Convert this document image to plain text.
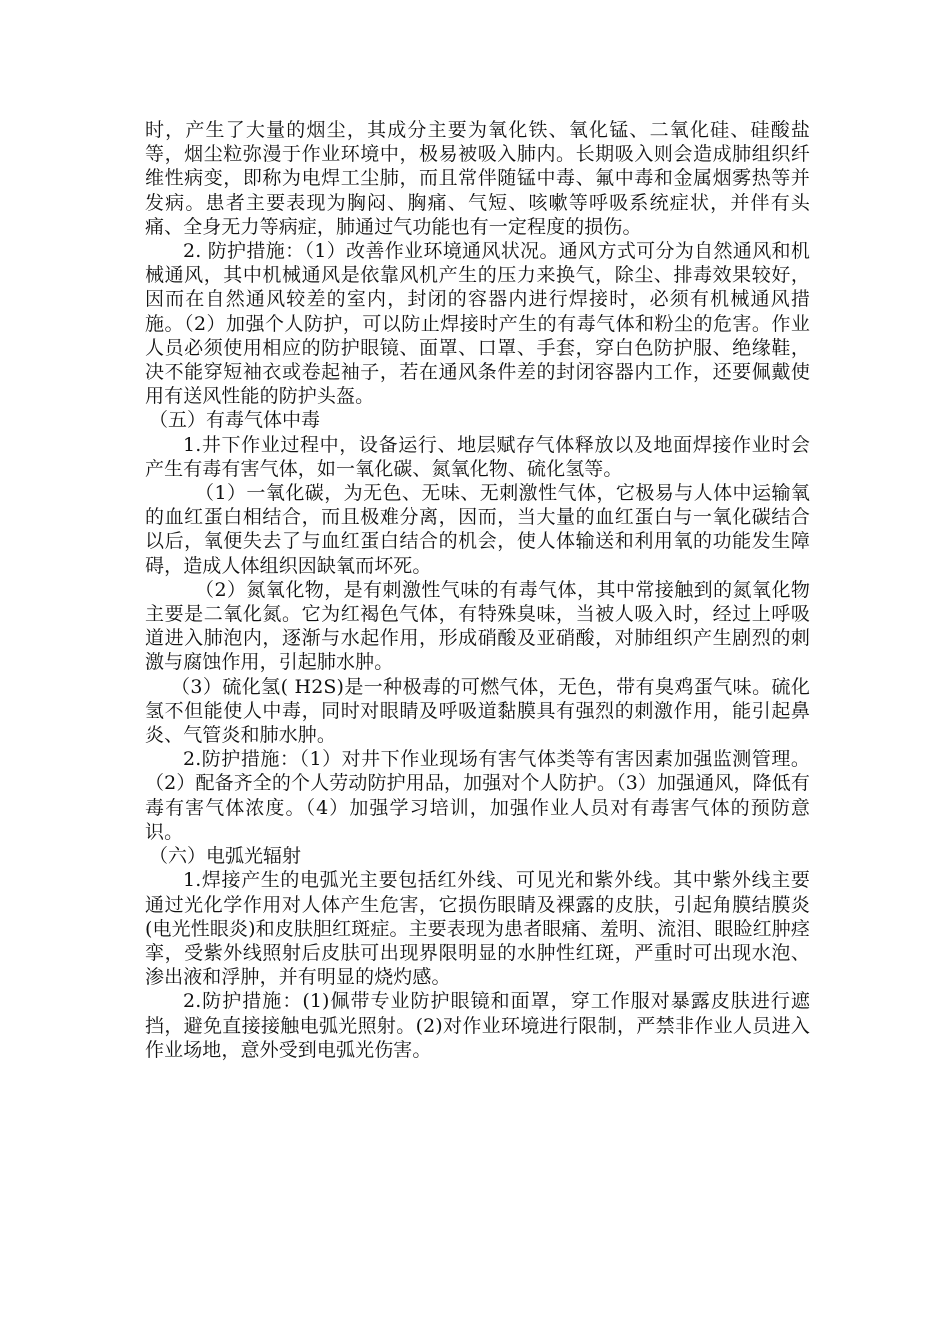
时，产生了大量的烟尘，其成分主要为氧化铁、氧化锰、二氧化硅、硅酸盐等，烟尘粒弥漫于作业环境中，极易被吸入肺内。长期吸入则会造成肺组织纤维性病变，即称为电焊工尘肺，而且常伴随锰中毒、氟中毒和金属烟雾热等并发病。患者主要表现为胸闷、胸痛、气短、咳嗽等呼吸系统症状，并伴有头痛、全身无力等病症，肺通过气功能也有一定程度的损伤。

2. 防护措施：（1）改善作业环境通风状况。通风方式可分为自然通风和机械通风，其中机械通风是依靠风机产生的压力来换气，除尘、排毒效果较好，因而在自然通风较差的室内，封闭的容器内进行焊接时，必须有机械通风措施。（2）加强个人防护，可以防止焊接时产生的有毒气体和粉尘的危害。作业人员必须使用相应的防护眼镜、面罩、口罩、手套，穿白色防护服、绝缘鞋，决不能穿短袖衣或卷起袖子，若在通风条件差的封闭容器内工作，还要佩戴使用有送风性能的防护头盔。

（五）有毒气体中毒

1.井下作业过程中，设备运行、地层赋存气体释放以及地面焊接作业时会产生有毒有害气体，如一氧化碳、氮氧化物、硫化氢等。

（1）一氧化碳，为无色、无味、无刺激性气体，它极易与人体中运输氧的血红蛋白相结合，而且极难分离，因而，当大量的血红蛋白与一氧化碳结合以后，氧便失去了与血红蛋白结合的机会，使人体输送和利用氧的功能发生障碍，造成人体组织因缺氧而坏死。

（2）氮氧化物，是有刺激性气味的有毒气体，其中常接触到的氮氧化物主要是二氧化氮。它为红褐色气体，有特殊臭味，当被人吸入时，经过上呼吸道进入肺泡内，逐渐与水起作用，形成硝酸及亚硝酸，对肺组织产生剧烈的刺激与腐蚀作用，引起肺水肿。

（3）硫化氢( H2S)是一种极毒的可燃气体，无色，带有臭鸡蛋气味。硫化氢不但能使人中毒，同时对眼睛及呼吸道黏膜具有强烈的刺激作用，能引起鼻炎、气管炎和肺水肿。

2.防护措施：（1）对井下作业现场有害气体类等有害因素加强监测管理。（2）配备齐全的个人劳动防护用品，加强对个人防护。（3）加强通风，降低有毒有害气体浓度。（4）加强学习培训，加强作业人员对有毒害气体的预防意识。

（六）电弧光辐射

1.焊接产生的电弧光主要包括红外线、可见光和紫外线。其中紫外线主要通过光化学作用对人体产生危害，它损伤眼睛及裸露的皮肤，引起角膜结膜炎(电光性眼炎)和皮肤胆红斑症。主要表现为患者眼痛、羞明、流泪、眼睑红肿痉挛，受紫外线照射后皮肤可出现界限明显的水肿性红斑，严重时可出现水泡、渗出液和浮肿，并有明显的烧灼感。

2.防护措施：(1)佩带专业防护眼镜和面罩，穿工作服对暴露皮肤进行遮挡，避免直接接触电弧光照射。(2)对作业环境进行限制，严禁非作业人员进入作业场地，意外受到电弧光伤害。
